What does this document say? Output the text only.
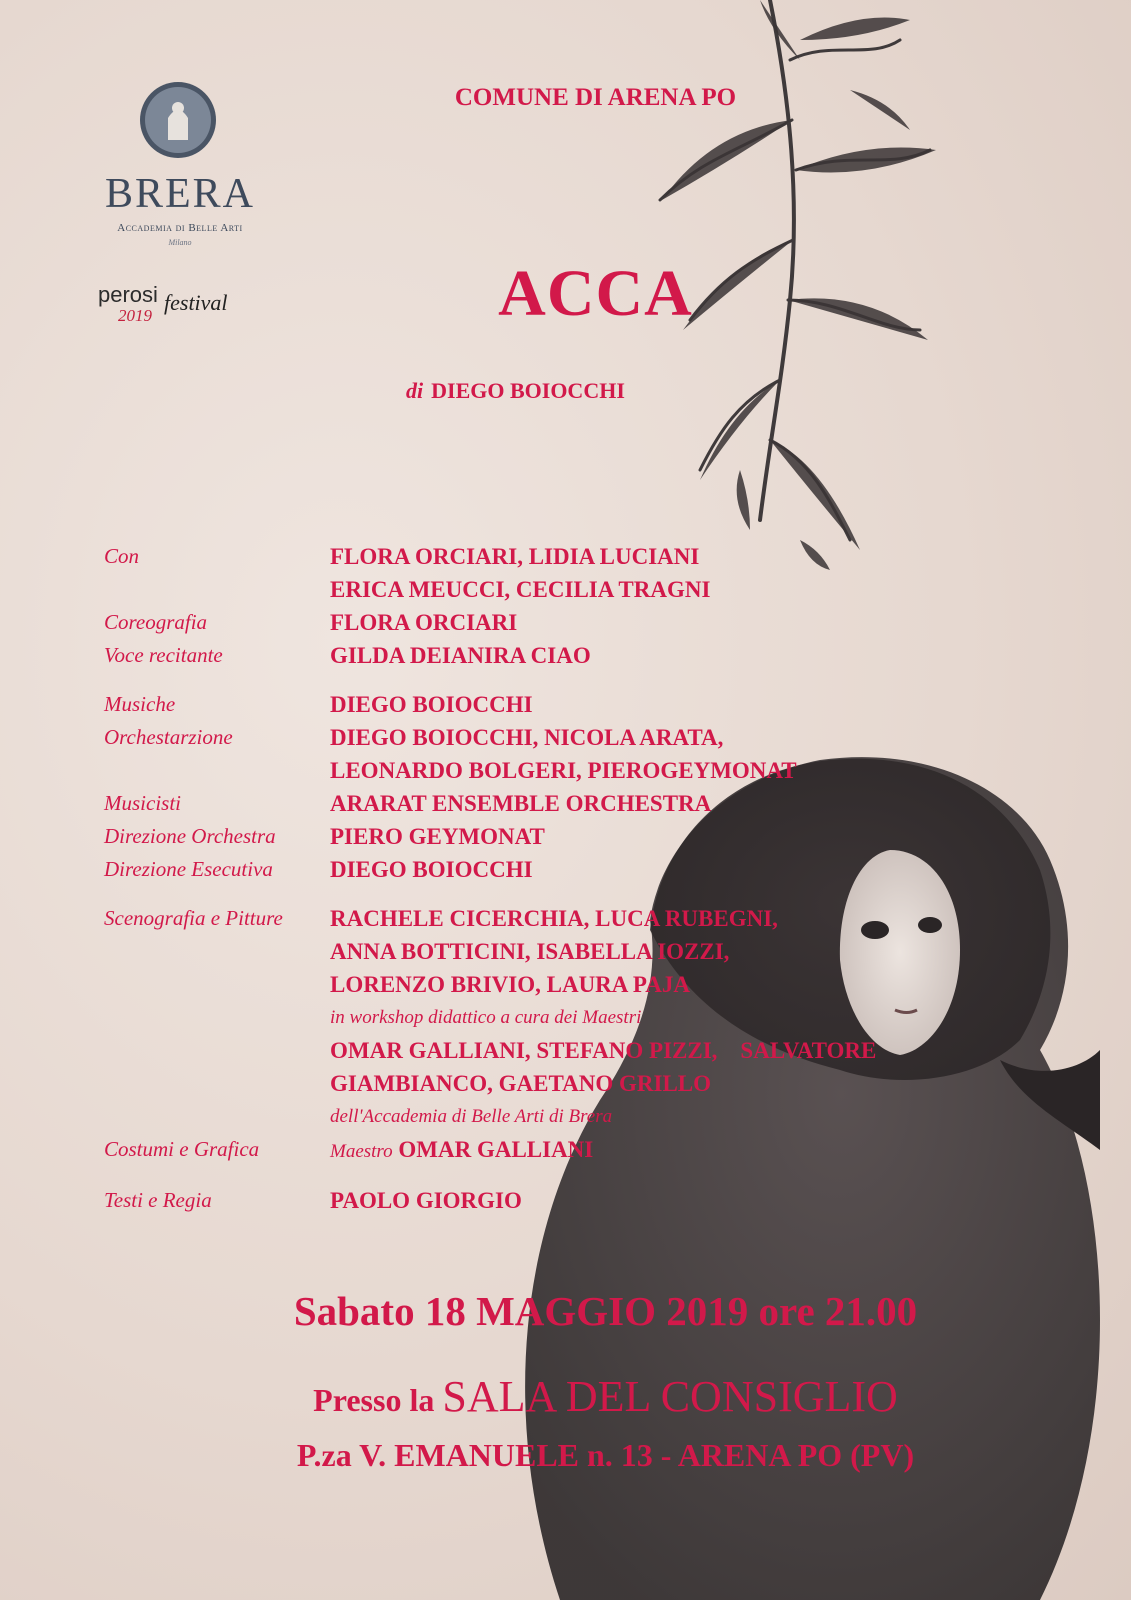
BRERA
Accademia di Belle Arti
Milano
perosi
2019
festival
COMUNE DI ARENA PO
ACCA
di DIEGO BOIOCCHI
Con	FLORA ORCIARI, LIDIA LUCIANI
ERICA MEUCCI, CECILIA TRAGNI
Coreografia	FLORA ORCIARI
Voce recitante	GILDA DEIANIRA CIAO
Musiche	DIEGO BOIOCCHI
Orchestarzione	DIEGO BOIOCCHI, NICOLA ARATA,
LEONARDO BOLGERI, PIEROGEYMONAT
Musicisti	ARARAT ENSEMBLE ORCHESTRA
Direzione Orchestra	PIERO GEYMONAT
Direzione Esecutiva	DIEGO BOIOCCHI
Scenografia e Pitture	RACHELE CICERCHIA, LUCA RUBEGNI,
ANNA BOTTICINI, ISABELLA IOZZI,
LORENZO BRIVIO, LAURA PAJA
in workshop didattico a cura dei Maestri
OMAR GALLIANI, STEFANO PIZZI,    SALVATORE
GIAMBIANCO, GAETANO GRILLO
dell'Accademia di Belle Arti di Brera
Costumi e Grafica	Maestro OMAR GALLIANI
Testi e Regia	PAOLO GIORGIO
Sabato 18 MAGGIO 2019 ore 21.00
Presso la SALA DEL CONSIGLIO
P.za V. EMANUELE n. 13 - ARENA PO (PV)
